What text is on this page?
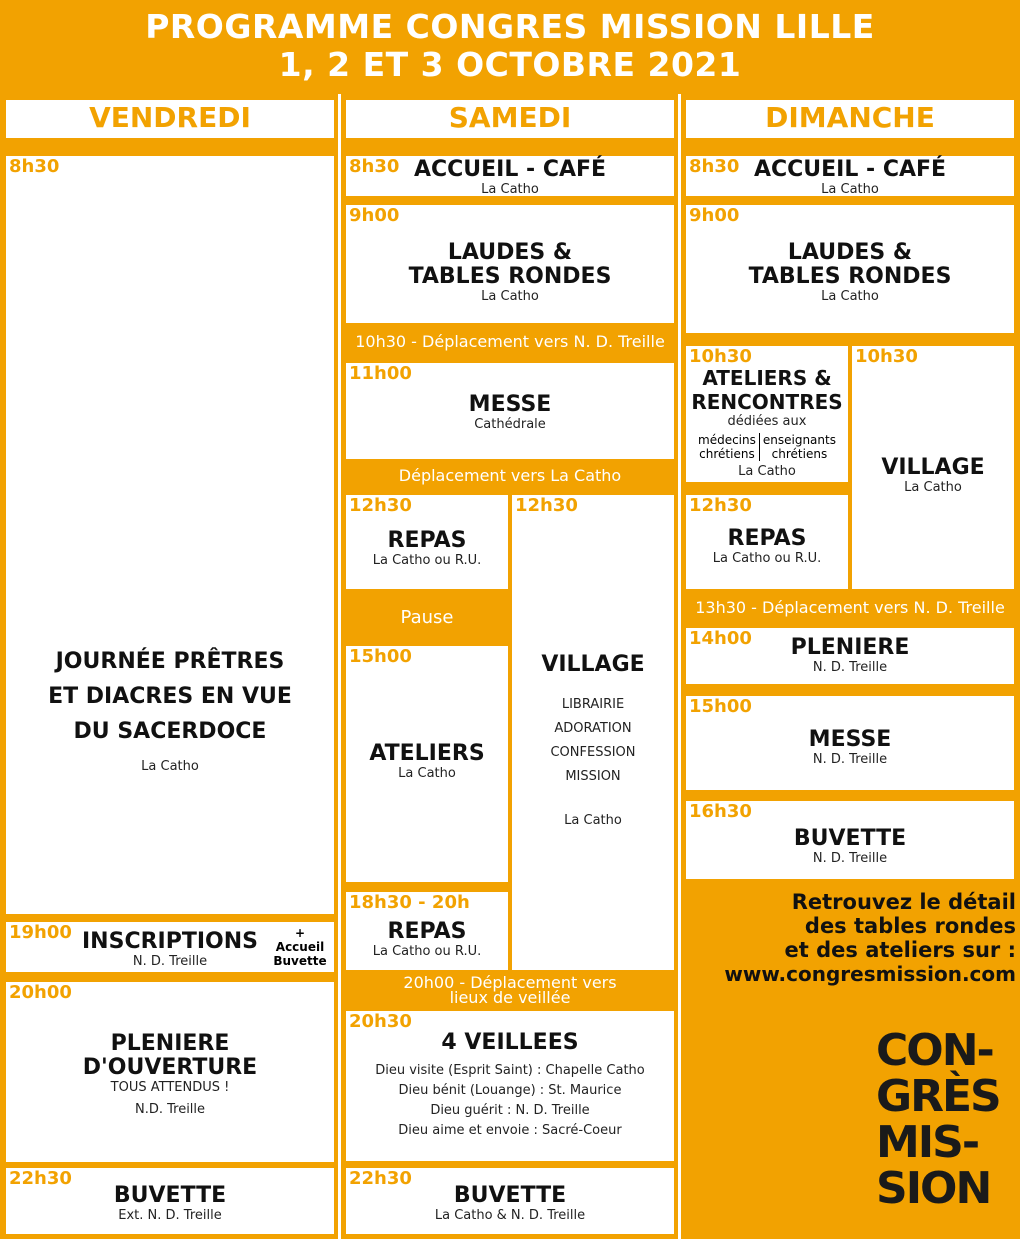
PROGRAMME CONGRES MISSION LILLE
1, 2 ET 3 OCTOBRE 2021
VENDREDI	SAMEDI	DIMANCHE
8h30
JOURNÉE PRÊTRES
ET DIACRES EN VUE
DU SACERDOCE
La Catho
19h00 INSCRIPTIONS
N. D. Treille
+
Accueil
Buvette
20h00
PLENIERE
D'OUVERTURE
TOUS ATTENDUS !
N.D. Treille
22h30
BUVETTE
Ext. N. D. Treille
8h30 ACCUEIL - CAFÉ
La Catho
9h00
LAUDES &
TABLES RONDES
La Catho
10h30 - Déplacement vers N. D. Treille
11h00
MESSE
Cathédrale
Déplacement vers La Catho
12h30
REPAS
La Catho ou R.U.
Pause
15h00
ATELIERS
La Catho
18h30 - 20h
REPAS
La Catho ou R.U.
12h30
VILLAGE
LIBRAIRIE
ADORATION
CONFESSION
MISSION
La Catho
20h00 - Déplacement vers
lieux de veillée
20h30
4 VEILLEES
Dieu visite (Esprit Saint) : Chapelle Catho
Dieu bénit (Louange) : St. Maurice
Dieu guérit : N. D. Treille
Dieu aime et envoie : Sacré-Coeur
22h30
BUVETTE
La Catho & N. D. Treille
8h30 ACCUEIL - CAFÉ
La Catho
9h00
LAUDES &
TABLES RONDES
La Catho
10h30
ATELIERS &
RENCONTRES
dédiées aux
médecins
chrétiens
enseignants
chrétiens
La Catho
10h30
VILLAGE
La Catho
12h30
REPAS
La Catho ou R.U.
13h30 - Déplacement vers N. D. Treille
14h00	PLENIERE
N. D. Treille
15h00
MESSE
N. D. Treille
16h30
BUVETTE
N. D. Treille
Retrouvez le détail
des tables rondes
et des ateliers sur :
www.congresmission.com
CON-
GRÈS
MIS-
SION
